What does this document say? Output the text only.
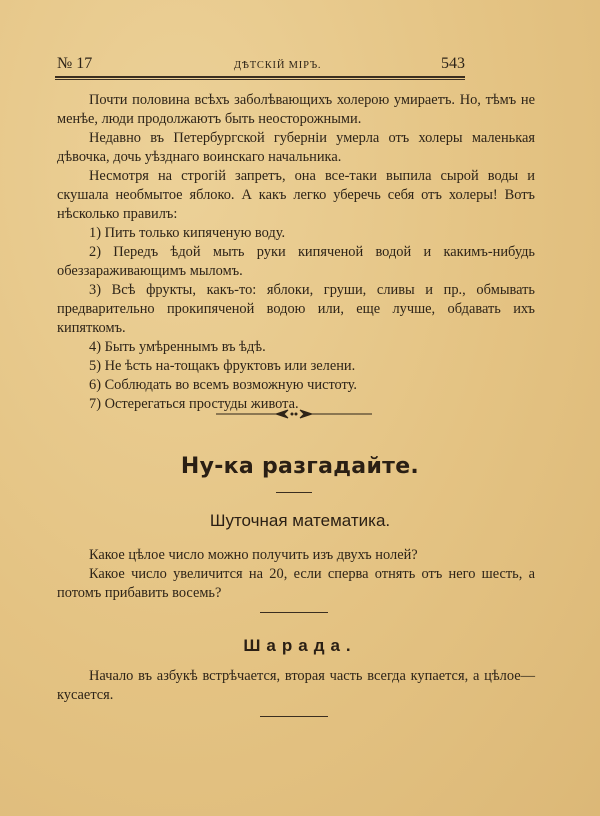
№ 17	ДѢТСКІЙ МІРЪ.	543

Почти половина всѣхъ заболѣвающихъ холерою умираетъ. Но, тѣмъ не менѣе, люди продолжаютъ быть неосторожными.

Недавно въ Петербургской губерніи умерла отъ холеры маленькая дѣвочка, дочь уѣзднаго воинскаго начальника.

Несмотря на строгій запретъ, она все-таки выпила сырой воды и скушала необмытое яблоко. А какъ легко уберечь себя отъ холеры! Вотъ нѣсколько правилъ:

1) Пить только кипяченую воду.

2) Передъ ѣдой мыть руки кипяченой водой и какимъ-нибудь обеззараживающимъ мыломъ.

3) Всѣ фрукты, какъ-то: яблоки, груши, сливы и пр., обмывать предварительно прокипяченой водою или, еще лучше, обдавать ихъ кипяткомъ.

4) Быть умѣреннымъ въ ѣдѣ.

5) Не ѣсть на-тощакъ фруктовъ или зелени.

6) Соблюдать во всемъ возможную чистоту.

7) Остерегаться простуды живота.

Ну-ка разгадайте.
Шуточная математика.

Какое цѣлое число можно получить изъ двухъ нолей?

Какое число увеличится на 20, если сперва отнять отъ него шесть, а потомъ прибавить восемь?

Шарада.

Начало въ азбукѣ встрѣчается, вторая часть всегда купается, а цѣлое—кусается.
